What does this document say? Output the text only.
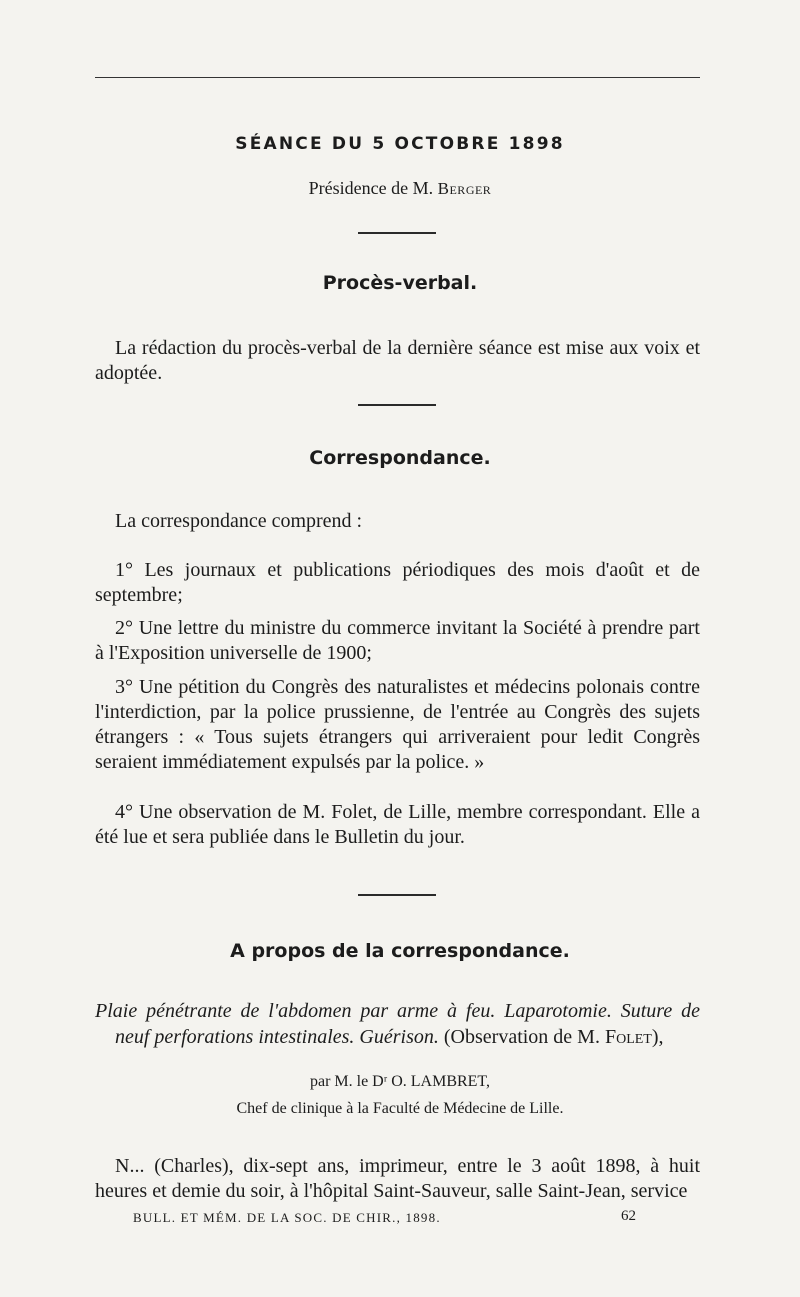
SÉANCE DU 5 OCTOBRE 1898
Présidence de M. Berger
Procès-verbal.

La rédaction du procès-verbal de la dernière séance est mise aux voix et adoptée.

Correspondance.

La correspondance comprend :

1° Les journaux et publications périodiques des mois d'août et de septembre;

2° Une lettre du ministre du commerce invitant la Société à prendre part à l'Exposition universelle de 1900;

3° Une pétition du Congrès des naturalistes et médecins polonais contre l'interdiction, par la police prussienne, de l'entrée au Congrès des sujets étrangers : « Tous sujets étrangers qui arriveraient pour ledit Congrès seraient immédiatement expulsés par la police. »

4° Une observation de M. Folet, de Lille, membre correspondant. Elle a été lue et sera publiée dans le Bulletin du jour.

A propos de la correspondance.
Plaie pénétrante de l'abdomen par arme à feu. Laparotomie. Suture de neuf perforations intestinales. Guérison. (Observation de M. Folet),
par M. le Dʳ O. LAMBRET,
Chef de clinique à la Faculté de Médecine de Lille.

N... (Charles), dix-sept ans, imprimeur, entre le 3 août 1898, à huit heures et demie du soir, à l'hôpital Saint-Sauveur, salle Saint-Jean, service

BULL. ET MÉM. DE LA SOC. DE CHIR., 1898.	62
